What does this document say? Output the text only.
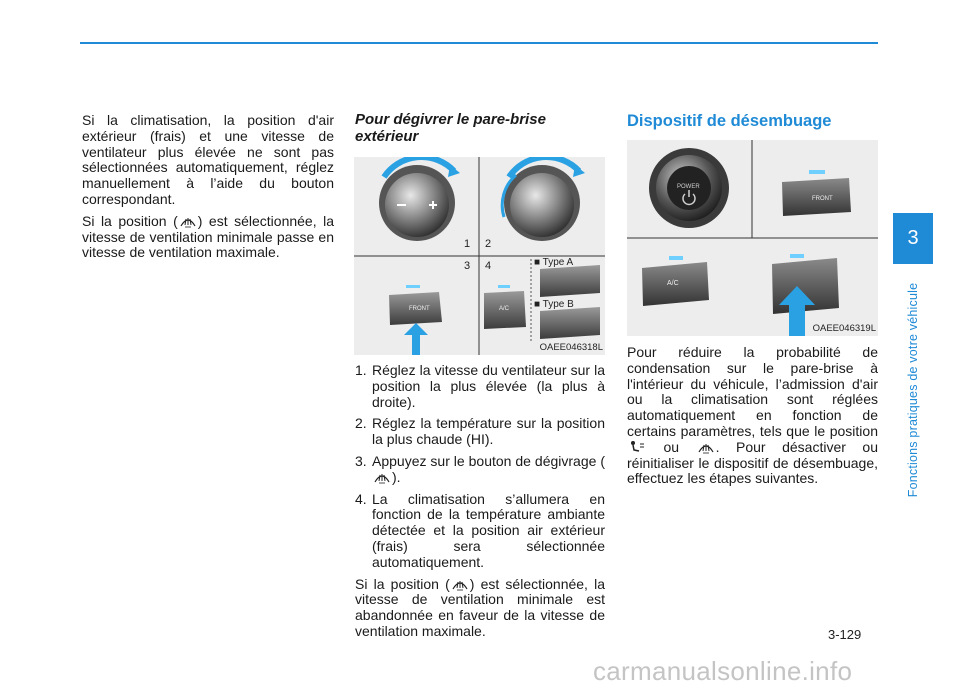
Si la climatisation, la position d'air extérieur (frais) et une vitesse de ventilateur plus élevée ne sont pas sélectionnées automatiquement, réglez manuellement à l’aide du bouton correspondant.

Si la position ( ) est sélectionnée, la vitesse de ventilation minimale passe en vitesse de ventilation maximale.

Pour dégivrer le pare-brise extérieur
1 2
3 4
FRONT	A/C
■ Type A
■ Type B
OAEE046318L
1. Réglez la vitesse du ventilateur sur la position la plus élevée (la plus à droite).
2. Réglez la température sur la position la plus chaude (HI).
3. Appuyez sur le bouton de dégivrage ().
4. La climatisation s’allumera en fonction de la température ambiante détectée et la position air extérieur (frais) sera sélectionnée automatiquement.

Si la position ( ) est sélectionnée, la vitesse de ventilation minimale est abandonnée en faveur de la vitesse de ventilation maximale.

Dispositif de désembuage
POWER
FRONT
A/C
OAEE046319L

Pour réduire la probabilité de condensation sur le pare-brise à l'intérieur du véhicule, l’admission d'air ou la climatisation sont réglées automatiquement en fonction de certains paramètres, tels que le position  ou	. Pour désactiver ou réinitialiser le dispositif de désembuage, effectuez les étapes suivantes.

3
Fonctions pratiques de votre véhicule
3-129
carmanualsonline.info
